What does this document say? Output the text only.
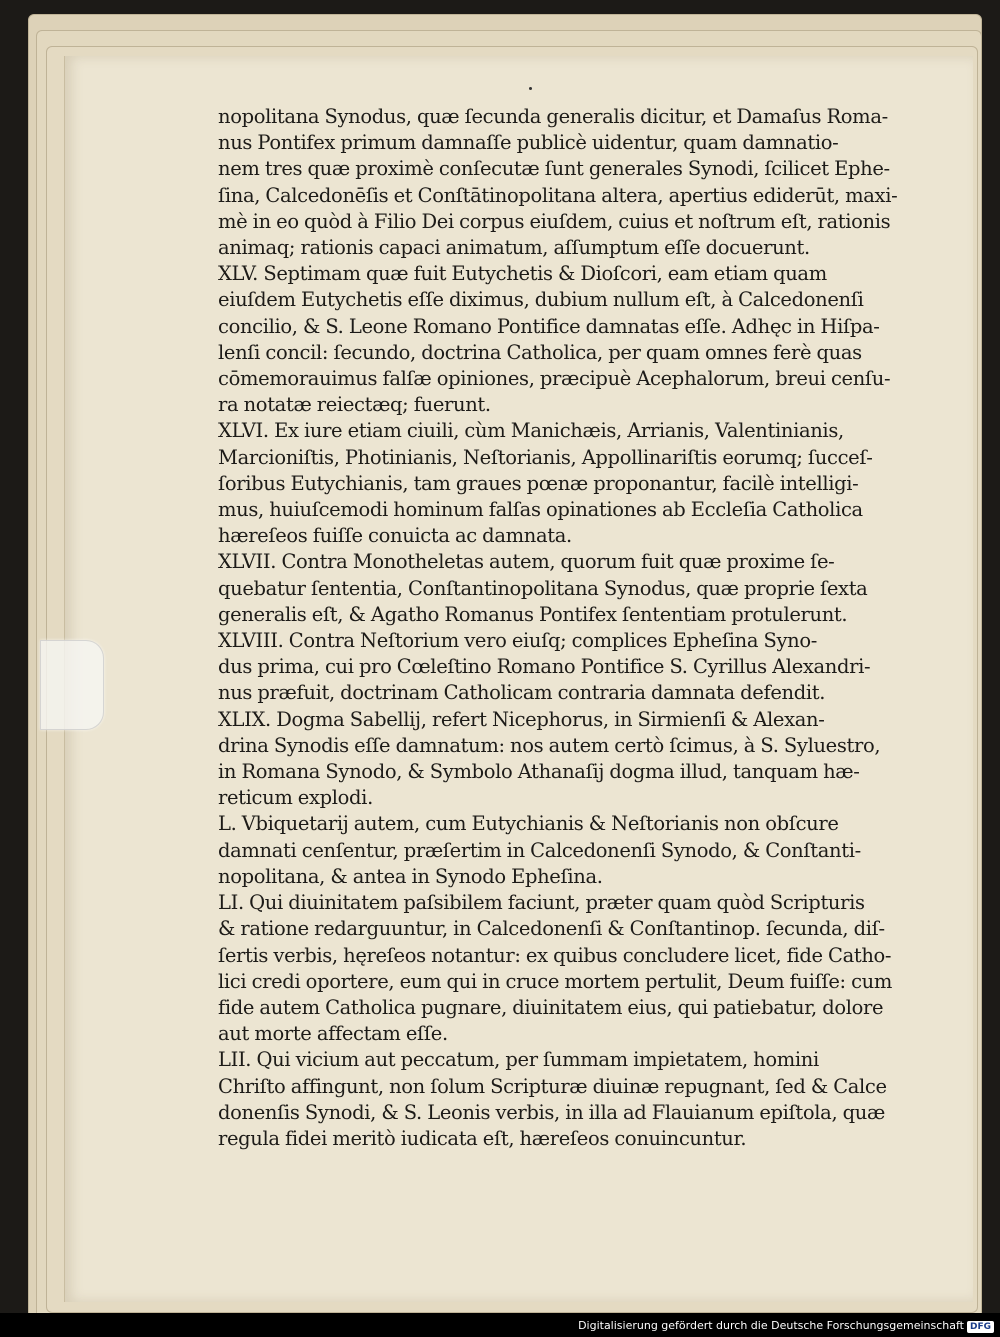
nopolitana Synodus, quæ ſecunda generalis dicitur, et Damaſus Roma-
nus Pontifex primum damnaſſe publicè uidentur, quam damnatio-
nem tres quæ proximè conſecutæ ſunt generales Synodi, ſcilicet Ephe-
ſina, Calcedonēſis et Conſtātinopolitana altera, apertius ediderūt, maxi-
mè in eo quòd à Filio Dei corpus eiuſdem, cuius et noſtrum eſt, rationis
animaq; rationis capaci animatum, aſſumptum eſſe docuerunt.
XLV. Septimam quæ fuit Eutychetis & Dioſcori, eam etiam quam
eiuſdem Eutychetis eſſe diximus, dubium nullum eſt, à Calcedonenſi
concilio, & S. Leone Romano Pontifice damnatas eſſe. Adhęc in Hiſpa-
lenſi concil: ſecundo, doctrina Catholica, per quam omnes ferè quas
cōmemorauimus falſæ opiniones, præcipuè Acephalorum, breui cenſu-
ra notatæ reiectæq; fuerunt.
XLVI. Ex iure etiam ciuili, cùm Manichæis, Arrianis, Valentinianis,
Marcioniſtis, Photinianis, Neſtorianis, Appollinariſtis eorumq; ſucceſ-
ſoribus Eutychianis, tam graues pœnæ proponantur, facilè intelligi-
mus, huiuſcemodi hominum falſas opinationes ab Eccleſia Catholica
hæreſeos fuiſſe conuicta ac damnata.
XLVII. Contra Monotheletas autem, quorum fuit quæ proxime ſe-
quebatur ſententia, Conſtantinopolitana Synodus, quæ proprie ſexta
generalis eſt, & Agatho Romanus Pontifex ſententiam protulerunt.
XLVIII. Contra Neſtorium vero eiuſq; complices Epheſina Syno-
dus prima, cui pro Cœleſtino Romano Pontifice S. Cyrillus Alexandri-
nus præfuit, doctrinam Catholicam contraria damnata defendit.
XLIX. Dogma Sabellij, refert Nicephorus, in Sirmienſi & Alexan-
drina Synodis eſſe damnatum: nos autem certò ſcimus, à S. Syluestro,
in Romana Synodo, & Symbolo Athanaſij dogma illud, tanquam hæ-
reticum explodi.
L. Vbiquetarij autem, cum Eutychianis & Neſtorianis non obſcure
damnati cenſentur, præſertim in Calcedonenſi Synodo, & Conſtanti-
nopolitana, & antea in Synodo Epheſina.
LI. Qui diuinitatem paſsibilem faciunt, præter quam quòd Scripturis
& ratione redarguuntur, in Calcedonenſi & Conſtantinop. ſecunda, diſ-
ſertis verbis, hęreſeos notantur: ex quibus concludere licet, fide Catho-
lici credi oportere, eum qui in cruce mortem pertulit, Deum fuiſſe: cum
fide autem Catholica pugnare, diuinitatem eius, qui patiebatur, dolore
aut morte affectam eſſe.
LII. Qui vicium aut peccatum, per ſummam impietatem, homini
Chriſto affingunt, non ſolum Scripturæ diuinæ repugnant, ſed & Calce
donenſis Synodi, & S. Leonis verbis, in illa ad Flauianum epiſtola, quæ
regula fidei meritò iudicata eſt, hæreſeos conuincuntur.
Digitalisierung gefördert durch die Deutsche Forschungsgemeinschaft DFG
